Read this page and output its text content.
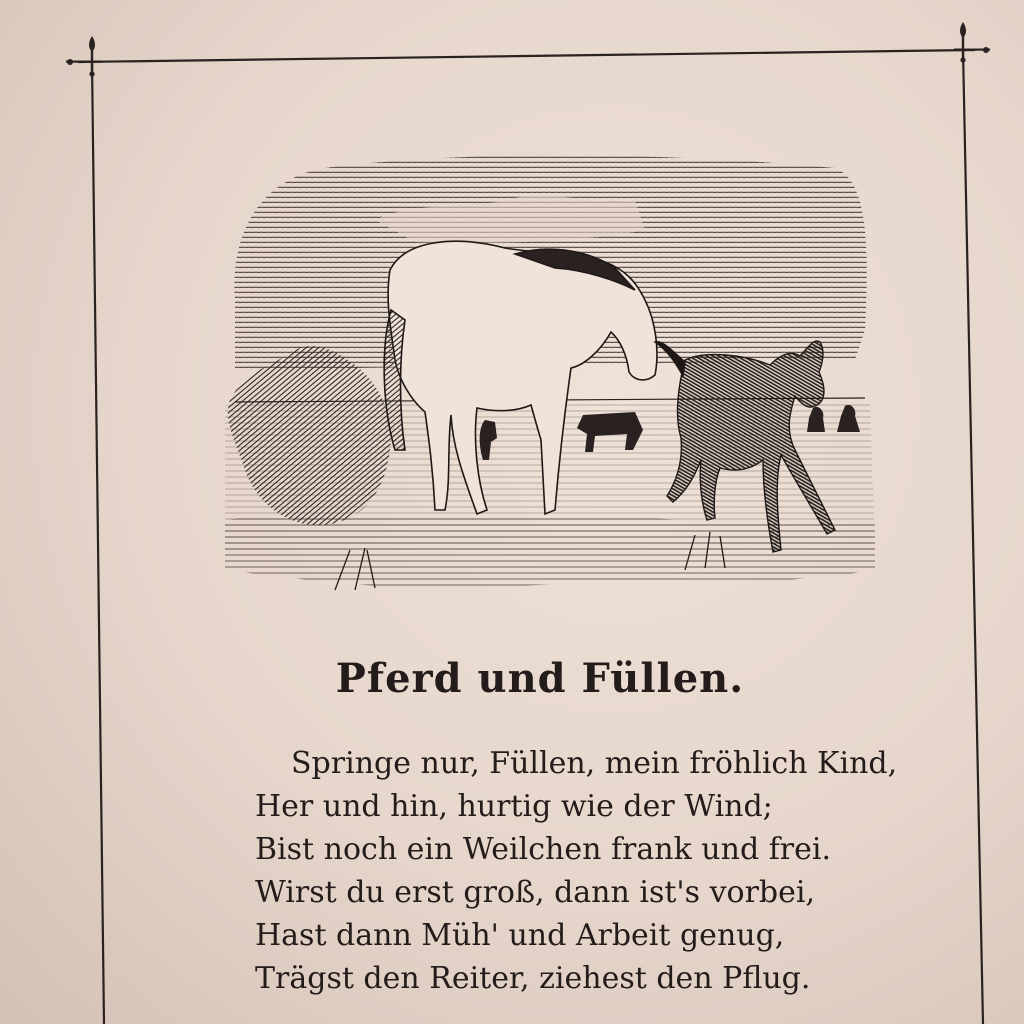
Pferd und Füllen.
Springe nur, Füllen, mein fröhlich Kind,
Her und hin, hurtig wie der Wind;
Bist noch ein Weilchen frank und frei.
Wirst du erst groß, dann ist's vorbei,
Hast dann Müh' und Arbeit genug,
Trägst den Reiter, ziehest den Pflug.
